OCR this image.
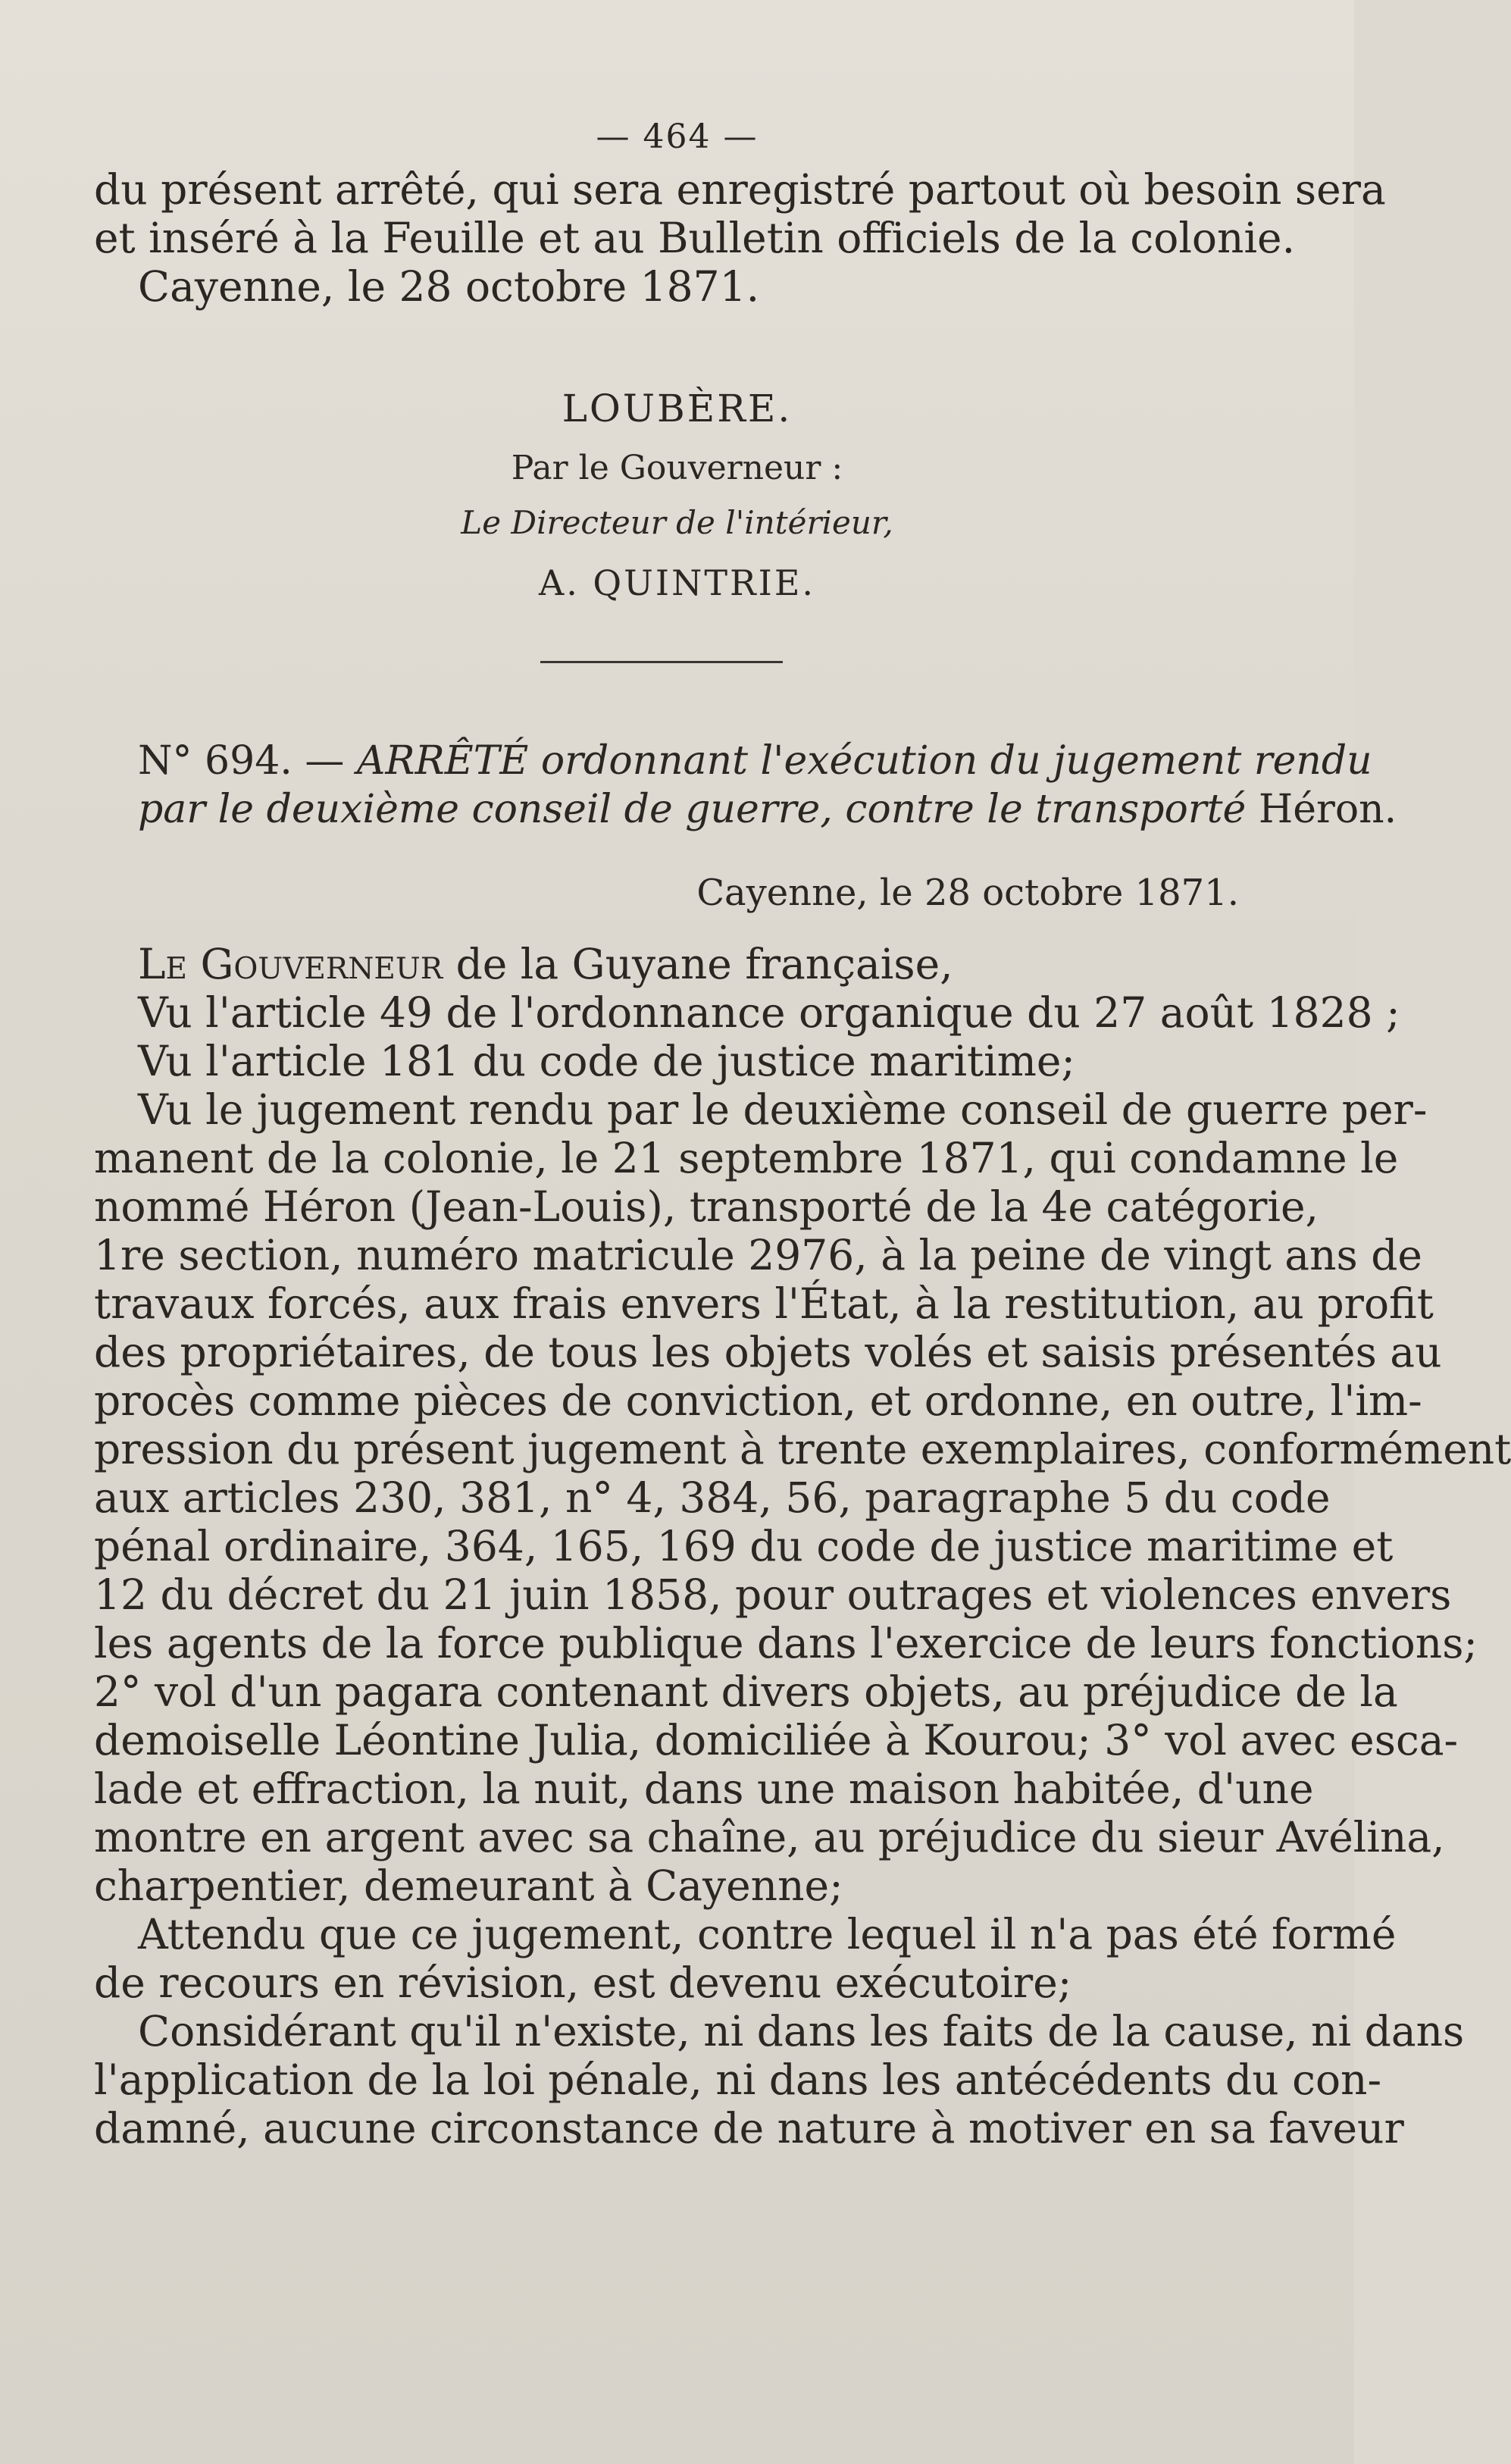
— 464 —
du présent arrêté, qui sera enregistré partout où besoin sera
et inséré à la Feuille et au Bulletin officiels de la colonie.
Cayenne, le 28 octobre 1871.
LOUBÈRE.
Par le Gouverneur :
Le Directeur de l'intérieur,
A. QUINTRIE.
N° 694. — ARRÊTÉ ordonnant l'exécution du jugement rendu
par le deuxième conseil de guerre, contre le transporté Héron.
Cayenne, le 28 octobre 1871.
Le Gouverneur de la Guyane française,
Vu l'article 49 de l'ordonnance organique du 27 août 1828 ;
Vu l'article 181 du code de justice maritime;
Vu le jugement rendu par le deuxième conseil de guerre per-
manent de la colonie, le 21 septembre 1871, qui condamne le
nommé Héron (Jean-Louis), transporté de la 4e catégorie,
1re section, numéro matricule 2976, à la peine de vingt ans de
travaux forcés, aux frais envers l'État, à la restitution, au profit
des propriétaires, de tous les objets volés et saisis présentés au
procès comme pièces de conviction, et ordonne, en outre, l'im-
pression du présent jugement à trente exemplaires, conformément
aux articles 230, 381, n° 4, 384, 56, paragraphe 5 du code
pénal ordinaire, 364, 165, 169 du code de justice maritime et
12 du décret du 21 juin 1858, pour outrages et violences envers
les agents de la force publique dans l'exercice de leurs fonctions;
2° vol d'un pagara contenant divers objets, au préjudice de la
demoiselle Léontine Julia, domiciliée à Kourou; 3° vol avec esca-
lade et effraction, la nuit, dans une maison habitée, d'une
montre en argent avec sa chaîne, au préjudice du sieur Avélina,
charpentier, demeurant à Cayenne;
Attendu que ce jugement, contre lequel il n'a pas été formé
de recours en révision, est devenu exécutoire;
Considérant qu'il n'existe, ni dans les faits de la cause, ni dans
l'application de la loi pénale, ni dans les antécédents du con-
damné, aucune circonstance de nature à motiver en sa faveur
